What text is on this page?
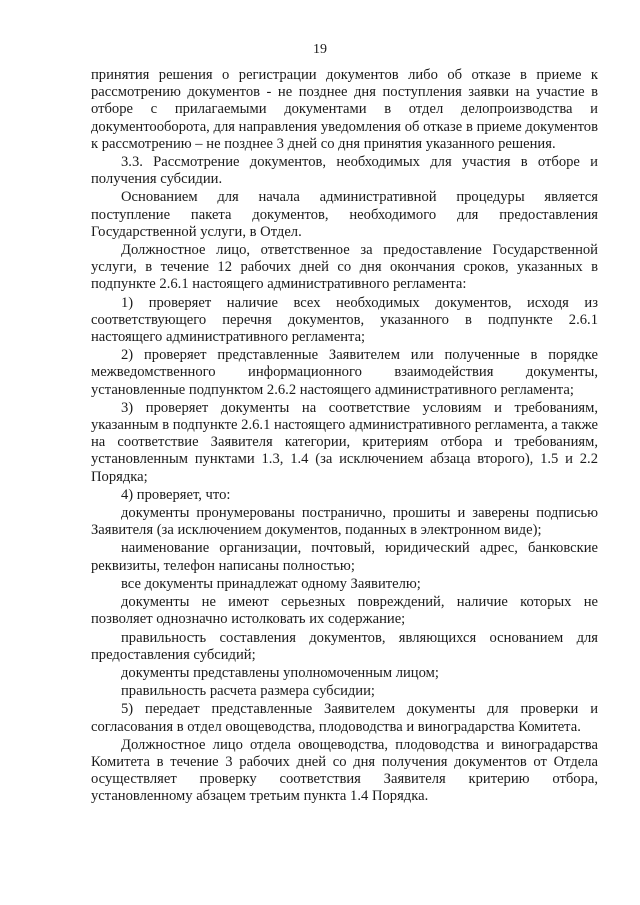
19

принятия решения о регистрации документов либо об отказе в приеме к рассмотрению документов - не позднее дня поступления заявки на участие в отборе с прилагаемыми документами в отдел делопроизводства и документооборота, для направления уведомления об отказе в приеме документов к рассмотрению – не позднее 3 дней со дня принятия указанного решения.

3.3. Рассмотрение документов, необходимых для участия в отборе и получения субсидии.

Основанием для начала административной процедуры является поступление пакета документов, необходимого для предоставления Государственной услуги, в Отдел.

Должностное лицо, ответственное за предоставление Государственной услуги, в течение 12 рабочих дней со дня окончания сроков, указанных в подпункте 2.6.1 настоящего административного регламента:

1) проверяет наличие всех необходимых документов, исходя из соответствующего перечня документов, указанного в подпункте 2.6.1 настоящего административного регламента;

2) проверяет представленные Заявителем или полученные в порядке межведомственного информационного взаимодействия документы, установленные подпунктом 2.6.2 настоящего административного регламента;

3) проверяет документы на соответствие условиям и требованиям, указанным в подпункте 2.6.1 настоящего административного регламента, а также на соответствие Заявителя категории, критериям отбора и требованиям, установленным пунктами 1.3, 1.4 (за исключением абзаца второго), 1.5 и 2.2 Порядка;

4) проверяет, что:

документы пронумерованы постранично, прошиты и заверены подписью Заявителя (за исключением документов, поданных в электронном виде);

наименование организации, почтовый, юридический адрес, банковские реквизиты, телефон написаны полностью;

все документы принадлежат одному Заявителю;

документы не имеют серьезных повреждений, наличие которых не позволяет однозначно истолковать их содержание;

правильность составления документов, являющихся основанием для предоставления субсидий;

документы представлены уполномоченным лицом;

правильность расчета размера субсидии;

5) передает представленные Заявителем документы для проверки и согласования в отдел овощеводства, плодоводства и виноградарства Комитета.

Должностное лицо отдела овощеводства, плодоводства и виноградарства Комитета в течение 3 рабочих дней со дня получения документов от Отдела осуществляет проверку соответствия Заявителя критерию отбора, установленному абзацем третьим пункта 1.4 Порядка.
